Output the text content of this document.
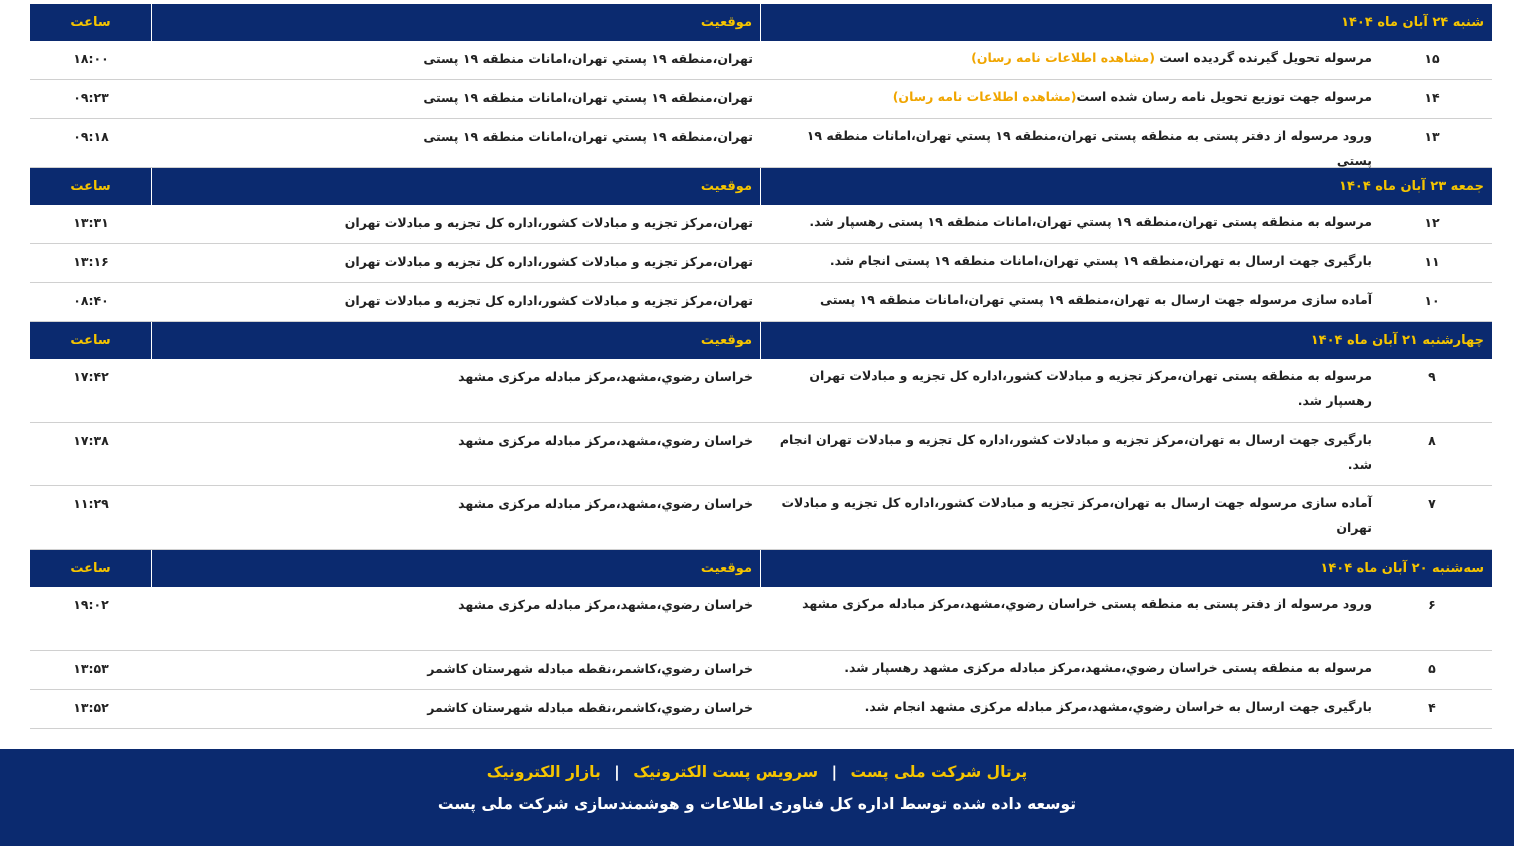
شنبه ۲۴ آبان ماه ۱۴۰۴
موقعيت
ساعت
۱۵
مرسوله تحویل گیرنده گردیده است (مشاهده اطلاعات نامه رسان)
تهران،منطقه ۱۹ پستي تهران،امانات منطقه ۱۹ پستی
۱۸:۰۰
۱۴
مرسوله جهت توزیع تحویل نامه رسان شده است(مشاهده اطلاعات نامه رسان)
تهران،منطقه ۱۹ پستي تهران،امانات منطقه ۱۹ پستی
۰۹:۲۳
۱۳
ورود مرسوله از دفتر پستی به منطقه پستی تهران،منطقه ۱۹ پستي تهران،امانات منطقه ۱۹ پستی
تهران،منطقه ۱۹ پستي تهران،امانات منطقه ۱۹ پستی
۰۹:۱۸
جمعه ۲۳ آبان ماه ۱۴۰۴
موقعيت
ساعت
۱۲
مرسوله به منطقه پستی تهران،منطقه ۱۹ پستي تهران،امانات منطقه ۱۹ پستی رهسپار شد.
تهران،مرکز تجزیه و مبادلات کشور،اداره کل تجزیه و مبادلات تهران
۱۳:۳۱
۱۱
بارگیری جهت ارسال به تهران،منطقه ۱۹ پستي تهران،امانات منطقه ۱۹ پستی انجام شد.
تهران،مرکز تجزیه و مبادلات کشور،اداره کل تجزیه و مبادلات تهران
۱۳:۱۶
۱۰
آماده سازی مرسوله جهت ارسال به تهران،منطقه ۱۹ پستي تهران،امانات منطقه ۱۹ پستی
تهران،مرکز تجزیه و مبادلات کشور،اداره کل تجزیه و مبادلات تهران
۰۸:۴۰
چهارشنبه ۲۱ آبان ماه ۱۴۰۴
موقعيت
ساعت
۹
مرسوله به منطقه پستی تهران،مرکز تجزیه و مبادلات کشور،اداره کل تجزیه و مبادلات تهران رهسپار شد.
خراسان رضوي،مشهد،مرکز مبادله مرکزی مشهد
۱۷:۴۲
۸
بارگیری جهت ارسال به تهران،مرکز تجزیه و مبادلات کشور،اداره کل تجزیه و مبادلات تهران انجام شد.
خراسان رضوي،مشهد،مرکز مبادله مرکزی مشهد
۱۷:۳۸
۷
آماده سازی مرسوله جهت ارسال به تهران،مرکز تجزیه و مبادلات کشور،اداره کل تجزیه و مبادلات تهران
خراسان رضوي،مشهد،مرکز مبادله مرکزی مشهد
۱۱:۲۹
سه‌شنبه ۲۰ آبان ماه ۱۴۰۴
موقعيت
ساعت
۶
ورود مرسوله از دفتر پستی به منطقه پستی خراسان رضوي،مشهد،مرکز مبادله مرکزی مشهد
خراسان رضوي،مشهد،مرکز مبادله مرکزی مشهد
۱۹:۰۲
۵
مرسوله به منطقه پستی خراسان رضوي،مشهد،مرکز مبادله مرکزی مشهد رهسپار شد.
خراسان رضوي،کاشمر،نقطه مبادله شهرستان کاشمر
۱۳:۵۳
۴
بارگیری جهت ارسال به خراسان رضوي،مشهد،مرکز مبادله مرکزی مشهد انجام شد.
خراسان رضوي،کاشمر،نقطه مبادله شهرستان کاشمر
۱۳:۵۲
پرتال شرکت ملی پست | سرویس پست الکترونیک | بازار الکترونیک
توسعه داده شده توسط اداره کل فناوری اطلاعات و هوشمندسازی شرکت ملی پست
